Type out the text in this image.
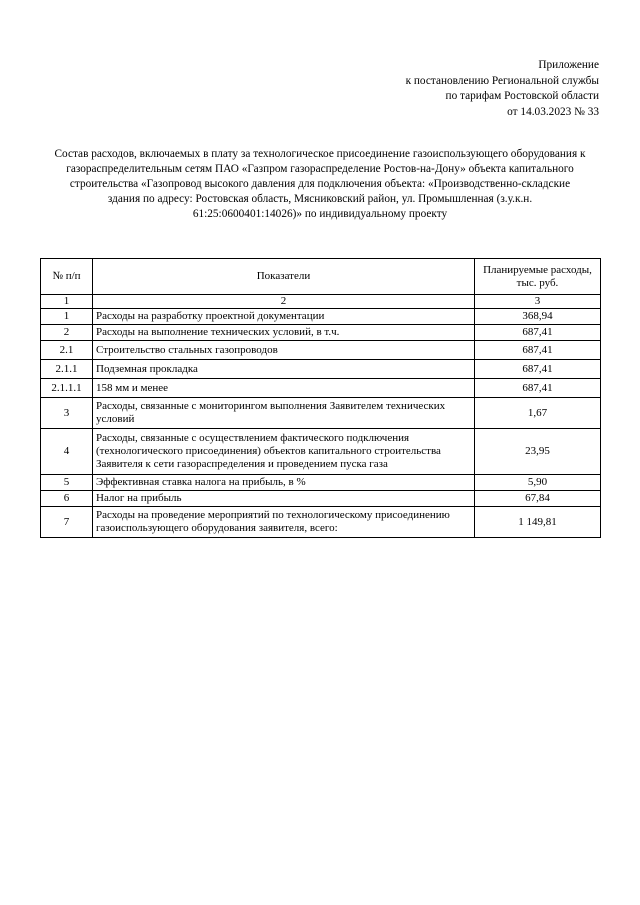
Приложение
к постановлению Региональной службы
по тарифам Ростовской области
от 14.03.2023 № 33
Состав расходов, включаемых в плату за технологическое присоединение газоиспользующего оборудования к
газораспределительным сетям ПАО «Газпром газораспределение Ростов-на-Дону» объекта капитального
строительства «Газопровод высокого давления для подключения объекта: «Производственно-складские
здания по адресу: Ростовская область, Мясниковский район, ул. Промышленная (з.у.к.н.
61:25:0600401:14026)» по индивидуальному проекту
№ п/п	Показатели	Планируемые расходы, тыс. руб.
1	2	3
1	Расходы на разработку проектной документации	368,94
2	Расходы на выполнение технических условий, в т.ч.	687,41
2.1	Строительство стальных газопроводов	687,41
2.1.1	Подземная прокладка	687,41
2.1.1.1	158 мм и менее	687,41
3	Расходы, связанные с мониторингом выполнения Заявителем технических условий	1,67
4	Расходы, связанные с осуществлением фактического подключения (технологического присоединения) объектов капитального строительства Заявителя к сети газораспределения и проведением пуска газа	23,95
5	Эффективная ставка налога на прибыль, в %	5,90
6	Налог на прибыль	67,84
7	Расходы на проведение мероприятий по технологическому присоединению газоиспользующего оборудования заявителя, всего:	1 149,81
